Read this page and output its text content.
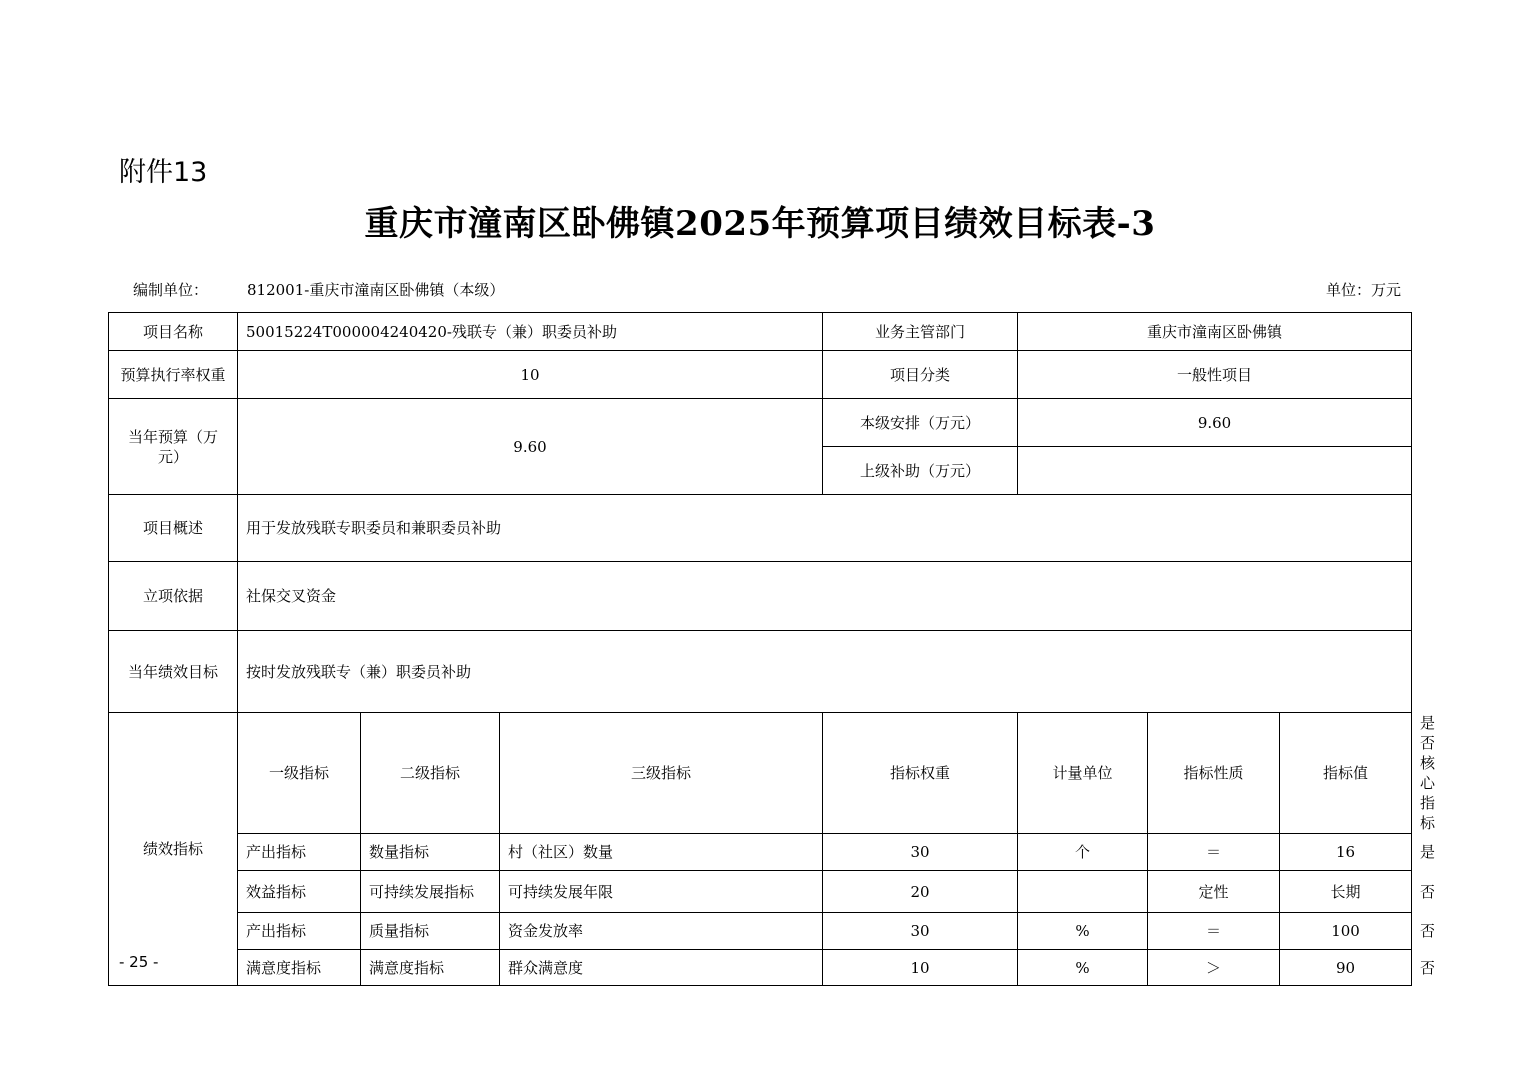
附件13
重庆市潼南区卧佛镇2025年预算项目绩效目标表-3
编制单位：	812001-重庆市潼南区卧佛镇（本级）	单位：万元
项目名称	50015224T000004240420-残联专（兼）职委员补助			业务主管部门	重庆市潼南区卧佛镇			
预算执行率权重	10			项目分类	一般性项目			
当年预算（万元）	9.60			本级安排（万元）	9.60			
				上级补助（万元）				
项目概述	用于发放残联专职委员和兼职委员补助							
立项依据	社保交叉资金							
当年绩效目标	按时发放残联专（兼）职委员补助							
绩效指标	一级指标	二级指标	三级指标	指标权重	计量单位	指标性质	指标值	是否核心指标
	产出指标	数量指标	村（社区）数量	30	个	＝	16	是
	效益指标	可持续发展指标	可持续发展年限	20		定性	长期	否
	产出指标	质量指标	资金发放率	30	%	＝	100	否
	满意度指标	满意度指标	群众满意度	10	%	＞	90	否
- 25 -
